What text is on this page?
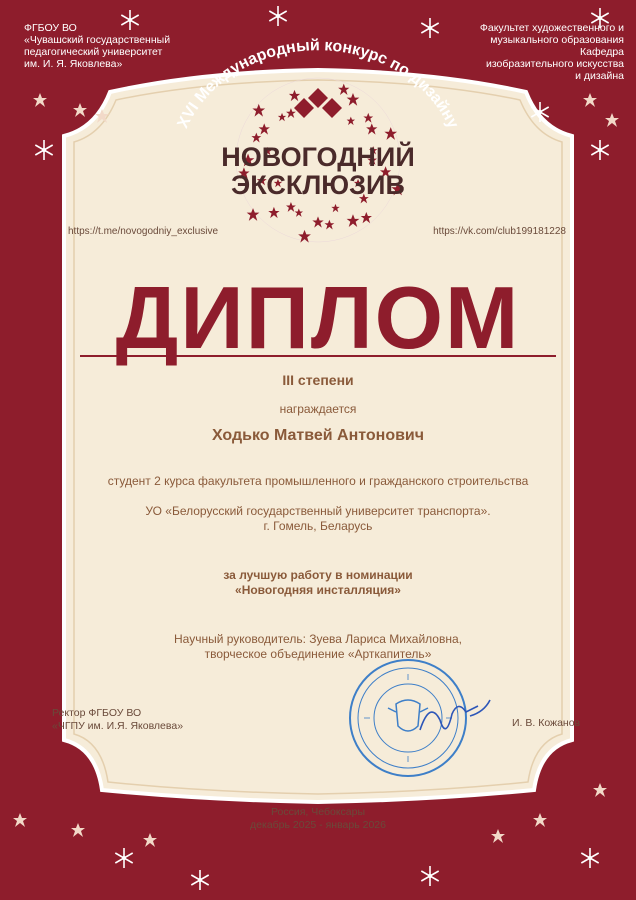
XVI Международный конкурс по дизайну
НОВОГОДНИЙ
ЭКСКЛЮЗИВ
ФГБОУ ВО
«Чувашский государственный
педагогический университет
им. И. Я. Яковлева»
Факультет художественного и
музыкального образования
Кафедра
изобразительного искусства
и дизайна
https://t.me/novogodniy_exclusive	https://vk.com/club199181228
ДИПЛОМ
III степени
награждается
Ходько Матвей Антонович
студент 2 курса факультета промышленного и гражданского строительства
УО «Белорусский государственный университет транспорта».
г. Гомель, Беларусь
за лучшую работу в номинации
«Новогодняя инсталляция»
Научный руководитель: Зуева Лариса Михайловна,
творческое объединение «Арткапитель»
Ректор ФГБОУ ВО
«ЧГПУ им. И.Я. Яковлева»	И. В. Кожанов
Россия, Чебоксары
декабрь 2025 - январь 2026
